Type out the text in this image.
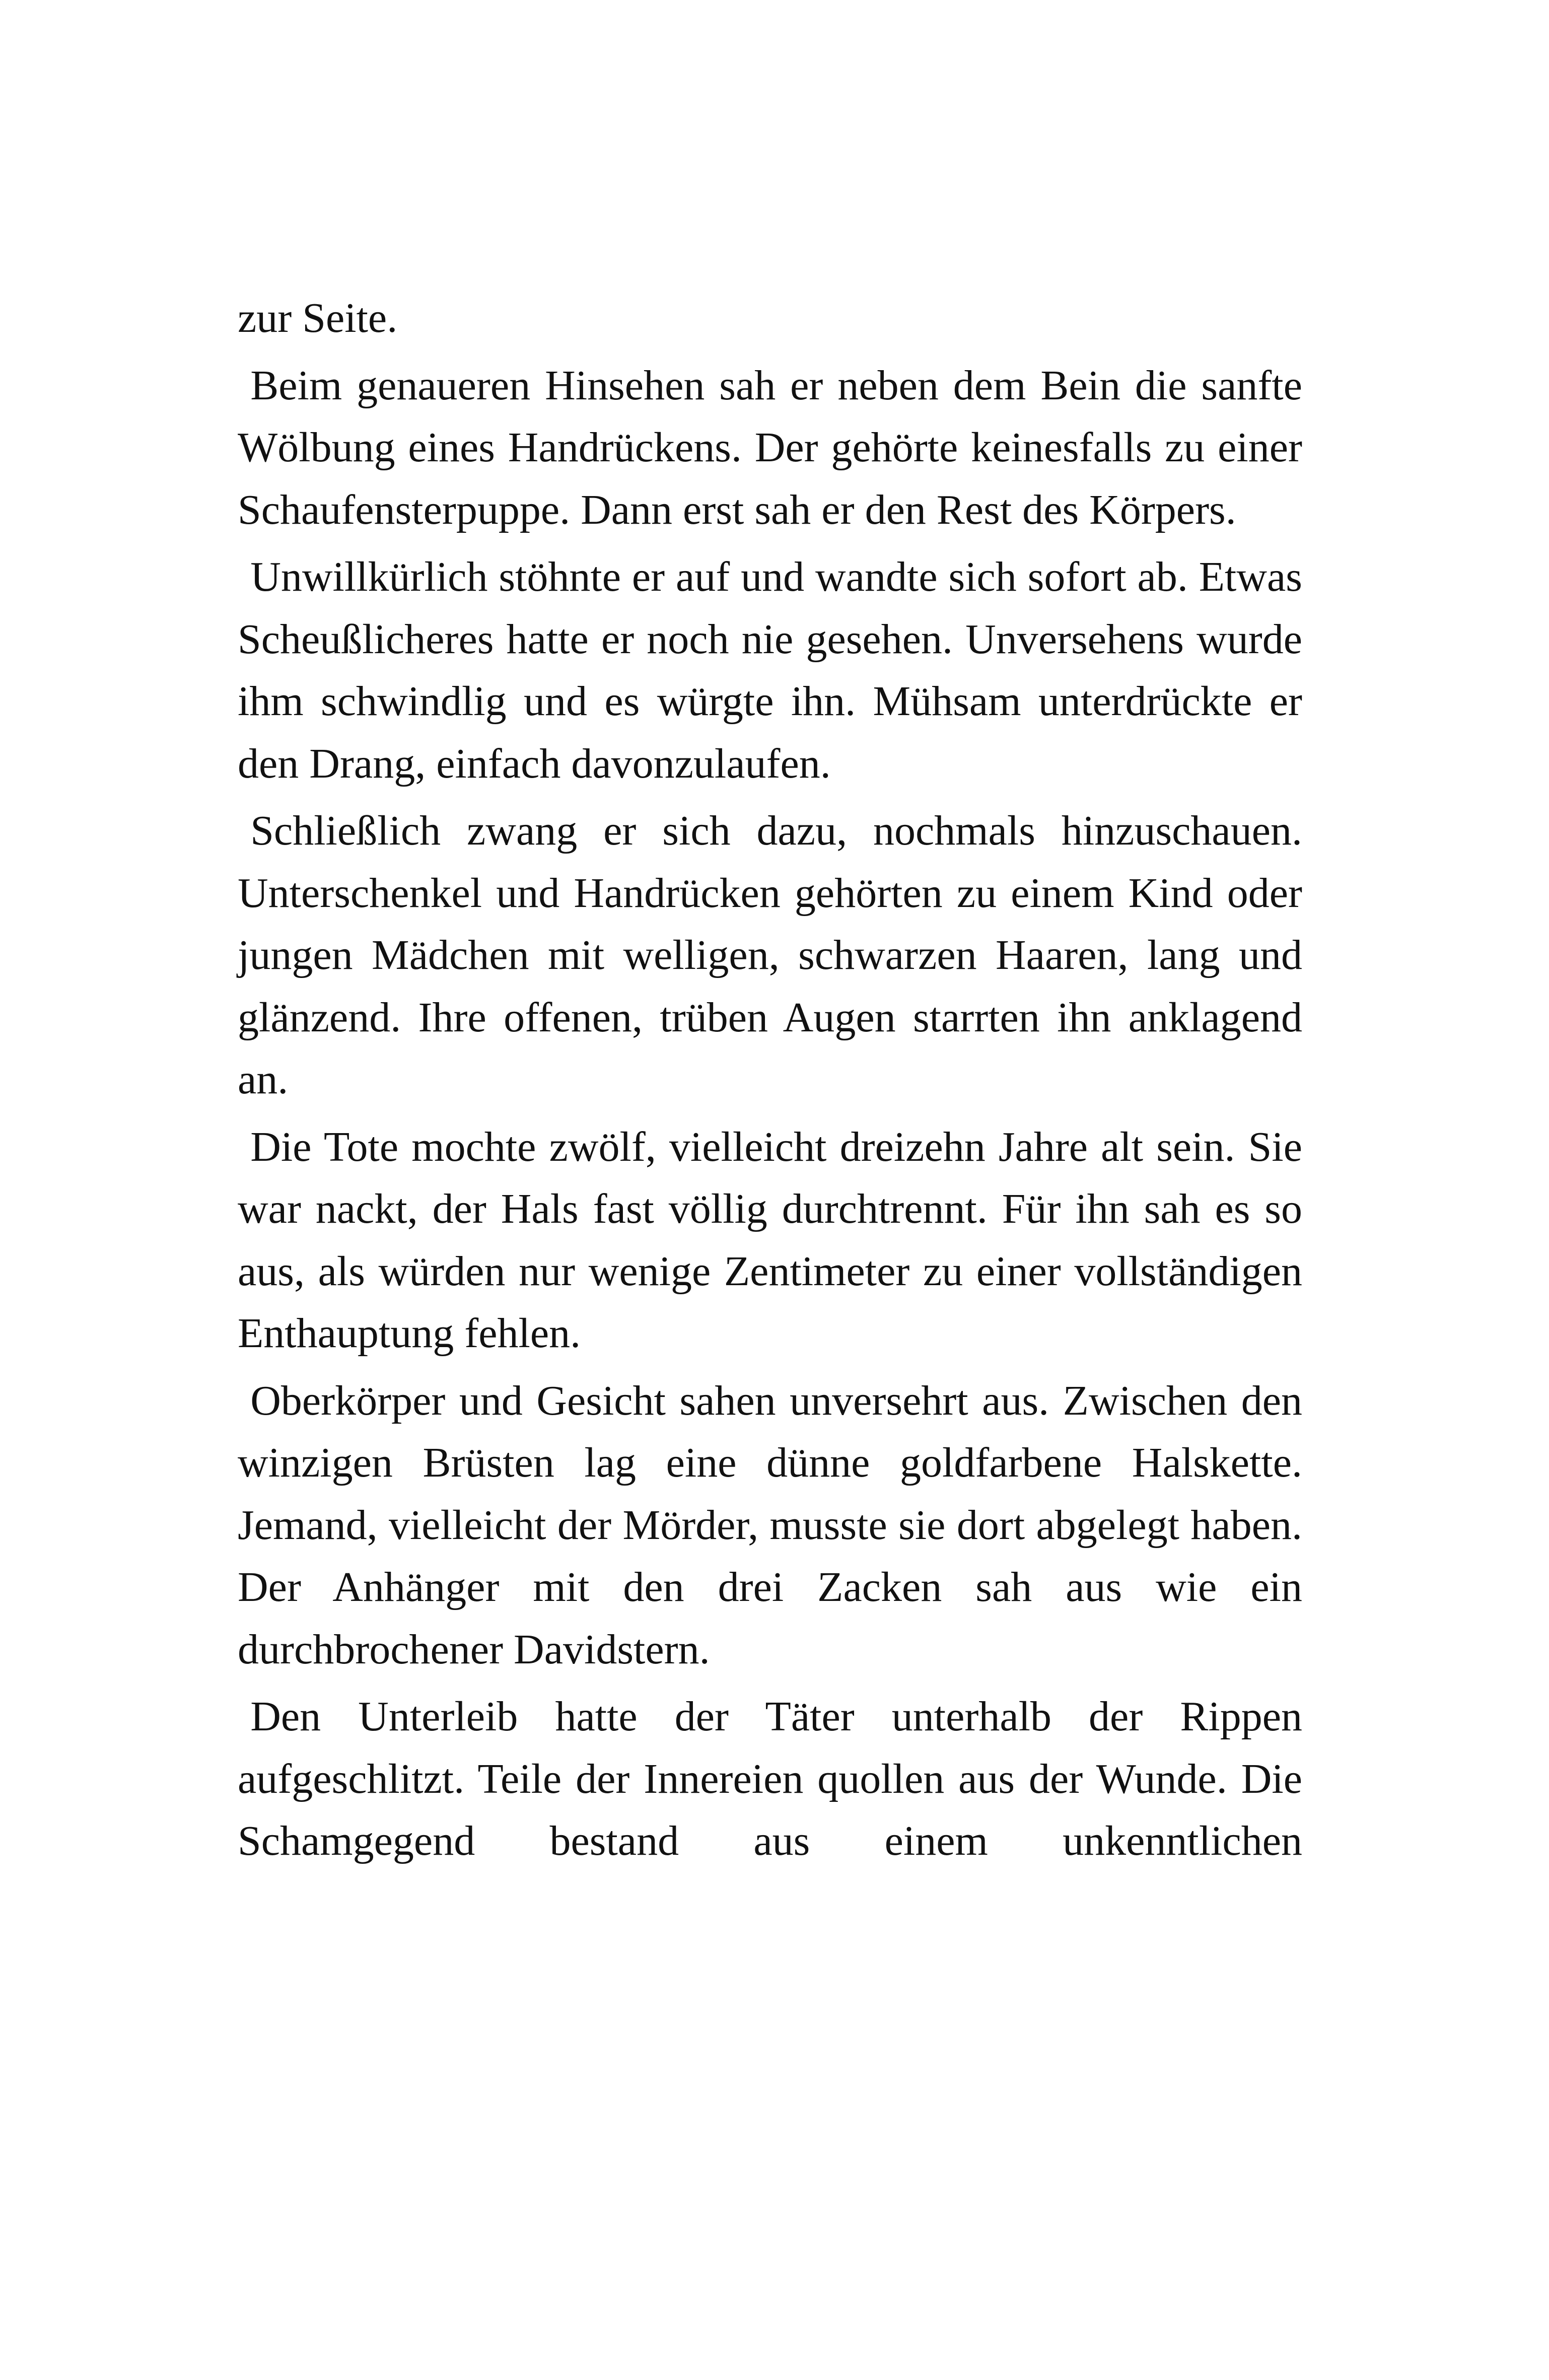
zur Seite.

Beim genaueren Hinsehen sah er neben dem Bein die sanfte Wölbung eines Handrückens. Der gehörte keinesfalls zu einer Schaufensterpuppe. Dann erst sah er den Rest des Körpers.

Unwillkürlich stöhnte er auf und wandte sich sofort ab. Etwas Scheußlicheres hatte er noch nie gesehen. Unversehens wurde ihm schwindlig und es würgte ihn. Mühsam unterdrückte er den Drang, einfach davonzulaufen.

Schließlich zwang er sich dazu, nochmals hinzuschauen. Unterschenkel und Handrücken gehörten zu einem Kind oder jungen Mädchen mit welligen, schwarzen Haaren, lang und glänzend. Ihre offenen, trüben Augen starrten ihn anklagend an.

Die Tote mochte zwölf, vielleicht dreizehn Jahre alt sein. Sie war nackt, der Hals fast völlig durchtrennt. Für ihn sah es so aus, als würden nur wenige Zentimeter zu einer vollständigen Enthauptung fehlen.

Oberkörper und Gesicht sahen unversehrt aus. Zwischen den winzigen Brüsten lag eine dünne goldfarbene Halskette. Jemand, vielleicht der Mörder, musste sie dort abgelegt haben. Der Anhänger mit den drei Zacken sah aus wie ein durchbrochener Davidstern.

Den Unterleib hatte der Täter unterhalb der Rippen aufgeschlitzt. Teile der Innereien quollen aus der Wunde. Die Schamgegend bestand aus einem unkenntlichen
